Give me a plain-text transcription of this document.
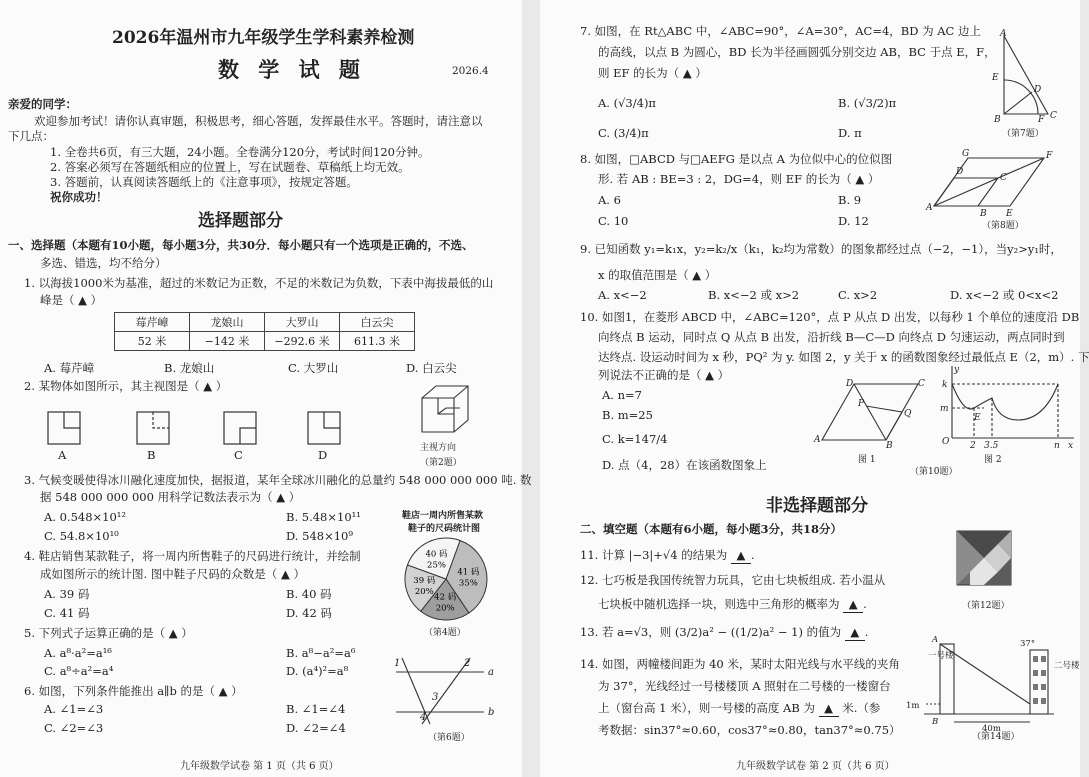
2026年温州市九年级学生学科素养检测
数 学 试 题	2026.4
亲爱的同学：
欢迎参加考试！请你认真审题，积极思考，细心答题，发挥最佳水平。答题时，请注意以
下几点：
1. 全卷共6页，有三大题，24小题。全卷满分120分，考试时间120分钟。
2. 答案必须写在答题纸相应的位置上，写在试题卷、草稿纸上均无效。
3. 答题前，认真阅读答题纸上的《注意事项》，按规定答题。
祝你成功！
选择题部分
一、选择题（本题有10小题，每小题3分，共30分．每小题只有一个选项是正确的，不选、
多选、错选，均不给分）
1. 以海拔1000米为基准，超过的米数记为正数，不足的米数记为负数，下表中海拔最低的山
峰是（ ▲ ）
莓芹嶂	龙娘山	大罗山	白云尖
52 米	−142 米	−292.6 米	611.3 米
A. 莓芹嶂	B. 龙娘山	C. 大罗山	D. 白云尖
2. 某物体如图所示，其主视图是（ ▲ ）
A	B	C	D	主视方向
（第2题）
3. 气候变暖使得冰川融化速度加快，据报道，某年全球冰川融化的总量约 548 000 000 000 吨. 数
据 548 000 000 000 用科学记数法表示为（ ▲ ）
A. 0.548×10¹²	B. 5.48×10¹¹
C. 54.8×10¹⁰	D. 548×10⁹
4. 鞋店销售某款鞋子，将一周内所售鞋子的尺码进行统计，并绘制
成如图所示的统计图. 图中鞋子尺码的众数是（ ▲ ）
A. 39 码	B. 40 码
C. 41 码	D. 42 码
鞋店一周内所售某款
鞋子的尺码统计图
41 码
35%
42 码
20%
39 码
20%
40 码
25%
（第4题）
5. 下列式子运算正确的是（ ▲ ）
A. a⁸·a²=a¹⁶	B. a⁸−a²=a⁶
C. a⁸÷a²=a⁴	D. (a⁴)²=a⁸
6. 如图，下列条件能推出 a∥b 的是（ ▲ ）
A. ∠1=∠3	B. ∠1=∠4
C. ∠2=∠3	D. ∠2=∠4
a
b
1	2
3
4
（第6题）
九年级数学试卷 第 1 页（共 6 页）
7. 如图，在 Rt△ABC 中，∠ABC=90°，∠A=30°，AC=4，BD 为 AC 边上
的高线，以点 B 为圆心，BD 长为半径画圆弧分别交边 AB，BC 于点 E，F，
则 EF 的长为（ ▲ ）
A. (√3/4)π	B. (√3/2)π
C. (3/4)π	D. π
A
E
D
B	F C
（第7题）
8. 如图，□ABCD 与□AEFG 是以点 A 为位似中心的位似图
形. 若 AB : BE=3 : 2，DG=4，则 EF 的长为（ ▲ ）
A. 6	B. 9
C. 10	D. 12
A
B E
C
D
G	F
（第8题）
9. 已知函数 y₁=k₁x，y₂=k₂/x（k₁，k₂均为常数）的图象都经过点（−2，−1），当y₂>y₁时，
x 的取值范围是（ ▲ ）
A. x<−2	B. x<−2 或 x>2	C. x>2	D. x<−2 或 0<x<2
10. 如图1，在菱形 ABCD 中，∠ABC=120°，点 P 从点 D 出发，以每秒 1 个单位的速度沿 DB
向终点 B 运动，同时点 Q 从点 B 出发，沿折线 B—C—D 向终点 D 匀速运动，两点同时到
达终点. 设运动时间为 x 秒，PQ² 为 y. 如图 2，y 关于 x 的函数图象经过最低点 E（2，m）. 下
列说法不正确的是（ ▲ ）
A. n=7
B. m=25
C. k=147/4
D. 点（4，28）在该函数图象上
A
B
C
D
P
Q
图 1
k
m
O 2 3.5	n x
y
E
图 2
（第10题）
非选择题部分
二、填空题（本题有6小题，每小题3分，共18分）
11. 计算 |−3|+√4 的结果为 ▲ .
12. 七巧板是我国传统智力玩具，它由七块板组成. 若小温从
七块板中随机选择一块，则选中三角形的概率为 ▲ .	（第12题）
13. 若 a=√3，则 (3/2)a² − ((1/2)a² − 1) 的值为 ▲ .
14. 如图，两幢楼间距为 40 米，某时太阳光线与水平线的夹角
为 37°，光线经过一号楼楼顶 A 照射在二号楼的一楼窗台
上（窗台高 1 米），则一号楼的高度 AB 为 ▲ 米.（参
考数据：sin37°≈0.60，cos37°≈0.80，tan37°≈0.75）
一号楼
二号楼
37°
1m
40m
A
B
（第14题）
九年级数学试卷 第 2 页（共 6 页）
